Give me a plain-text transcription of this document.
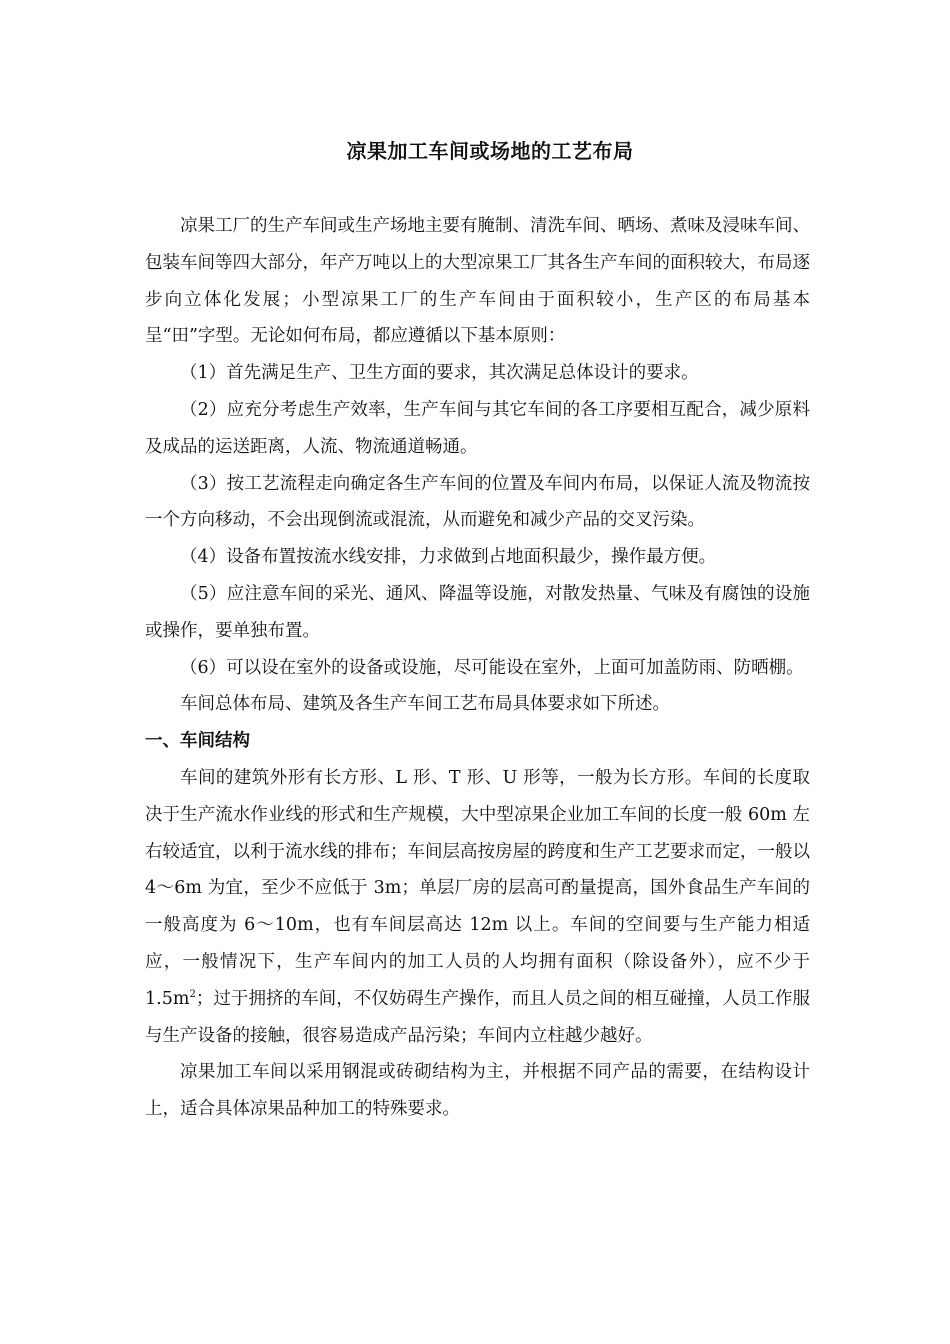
凉果加工车间或场地的工艺布局

凉果工厂的生产车间或生产场地主要有腌制、清洗车间、晒场、煮味及浸味车间、包装车间等四大部分，年产万吨以上的大型凉果工厂其各生产车间的面积较大，布局逐步向立体化发展；小型凉果工厂的生产车间由于面积较小，生产区的布局基本呈“田”字型。无论如何布局，都应遵循以下基本原则：

（1）首先满足生产、卫生方面的要求，其次满足总体设计的要求。

（2）应充分考虑生产效率，生产车间与其它车间的各工序要相互配合，减少原料及成品的运送距离，人流、物流通道畅通。

（3）按工艺流程走向确定各生产车间的位置及车间内布局，以保证人流及物流按一个方向移动，不会出现倒流或混流，从而避免和减少产品的交叉污染。

（4）设备布置按流水线安排，力求做到占地面积最少，操作最方便。

（5）应注意车间的采光、通风、降温等设施，对散发热量、气味及有腐蚀的设施或操作，要单独布置。

（6）可以设在室外的设备或设施，尽可能设在室外，上面可加盖防雨、防晒棚。

车间总体布局、建筑及各生产车间工艺布局具体要求如下所述。

一、车间结构

车间的建筑外形有长方形、L 形、T 形、U 形等，一般为长方形。车间的长度取决于生产流水作业线的形式和生产规模，大中型凉果企业加工车间的长度一般 60m 左右较适宜，以利于流水线的排布；车间层高按房屋的跨度和生产工艺要求而定，一般以 4～6m 为宜，至少不应低于 3m；单层厂房的层高可酌量提高，国外食品生产车间的一般高度为 6～10m，也有车间层高达 12m 以上。车间的空间要与生产能力相适应，一般情况下，生产车间内的加工人员的人均拥有面积（除设备外），应不少于 $1.5m^2$；过于拥挤的车间，不仅妨碍生产操作，而且人员之间的相互碰撞，人员工作服与生产设备的接触，很容易造成产品污染；车间内立柱越少越好。

凉果加工车间以采用钢混或砖砌结构为主，并根据不同产品的需要，在结构设计上，适合具体凉果品种加工的特殊要求。
